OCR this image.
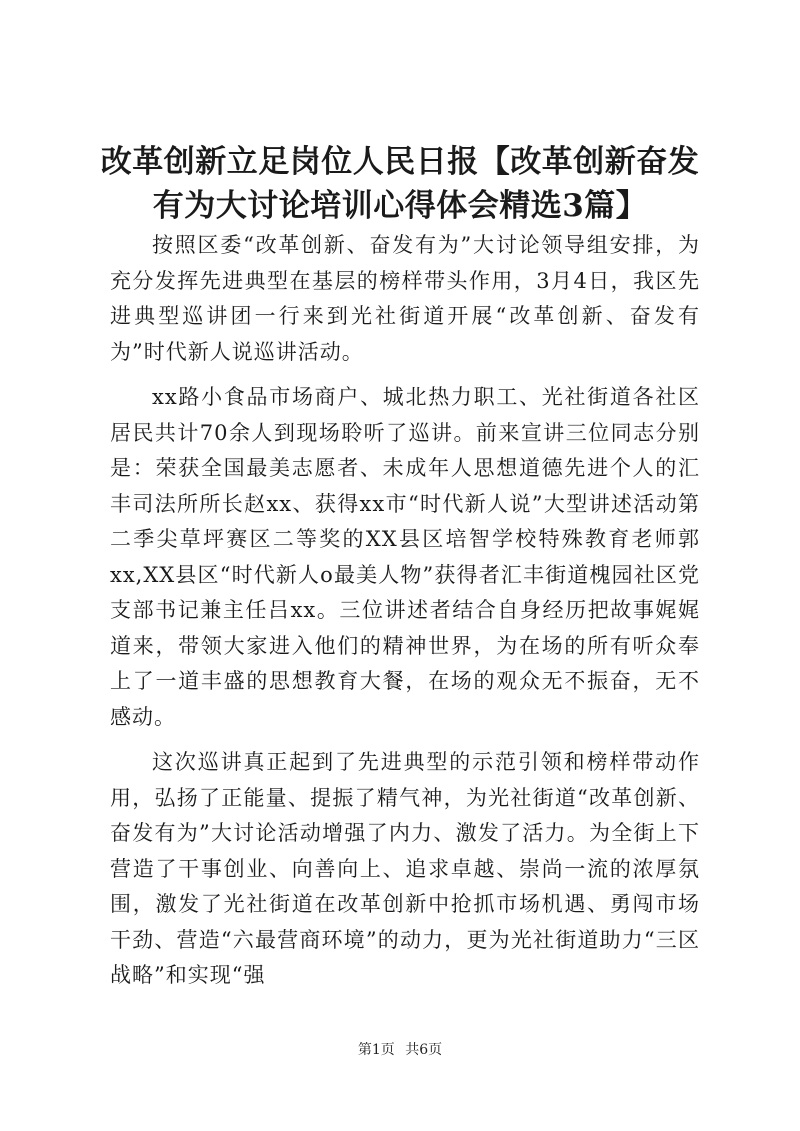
改革创新立足岗位人民日报【改革创新奋发有为大讨论培训心得体会精选3篇】

按照区委“改革创新、奋发有为”大讨论领导组安排，为充分发挥先进典型在基层的榜样带头作用，3月4日，我区先进典型巡讲团一行来到光社街道开展“改革创新、奋发有为”时代新人说巡讲活动。

xx路小食品市场商户、城北热力职工、光社街道各社区居民共计70余人到现场聆听了巡讲。前来宣讲三位同志分别是：荣获全国最美志愿者、未成年人思想道德先进个人的汇丰司法所所长赵xx、获得xx市“时代新人说”大型讲述活动第二季尖草坪赛区二等奖的XX县区培智学校特殊教育老师郭xx,XX县区“时代新人o最美人物”获得者汇丰街道槐园社区党支部书记兼主任吕xx。三位讲述者结合自身经历把故事娓娓道来，带领大家进入他们的精神世界，为在场的所有听众奉上了一道丰盛的思想教育大餐，在场的观众无不振奋，无不感动。

这次巡讲真正起到了先进典型的示范引领和榜样带动作用，弘扬了正能量、提振了精气神，为光社街道“改革创新、奋发有为”大讨论活动增强了内力、激发了活力。为全街上下营造了干事创业、向善向上、追求卓越、崇尚一流的浓厚氛围，激发了光社街道在改革创新中抢抓市场机遇、勇闯市场干劲、营造“六最营商环境”的动力，更为光社街道助力“三区战略”和实现“强

第1页 共6页
